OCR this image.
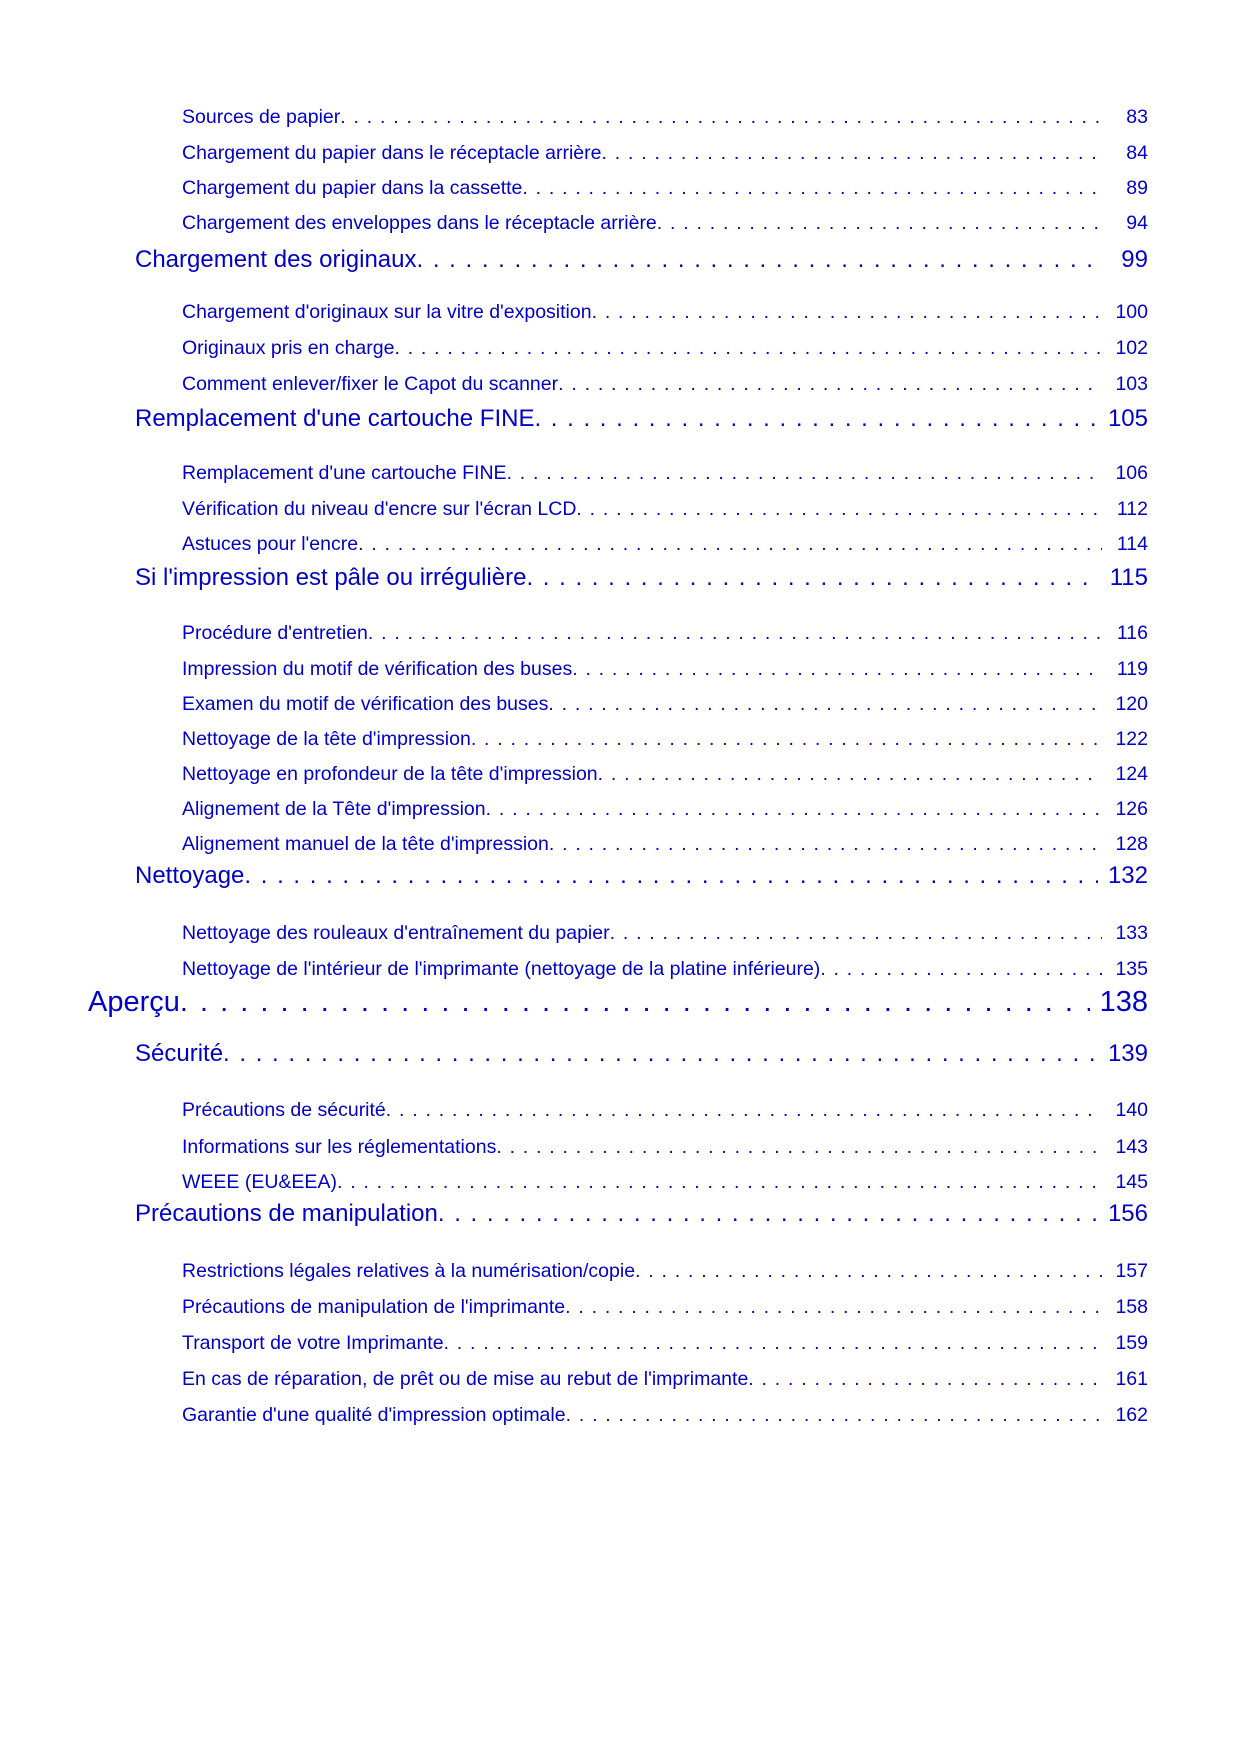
Sources de papier . . .	83
Chargement du papier dans le réceptacle arrière . . .	84
Chargement du papier dans la cassette . . .	89
Chargement des enveloppes dans le réceptacle arrière . . .	94
Chargement des originaux . . .	99
Chargement d'originaux sur la vitre d'exposition . . .	100
Originaux pris en charge . . .	102
Comment enlever/fixer le Capot du scanner . . .	103
Remplacement d'une cartouche FINE . . .	105
Remplacement d'une cartouche FINE . . .	106
Vérification du niveau d'encre sur l'écran LCD . . .	112
Astuces pour l'encre . . .	114
Si l'impression est pâle ou irrégulière . . .	115
Procédure d'entretien . . .	116
Impression du motif de vérification des buses . . .	119
Examen du motif de vérification des buses . . .	120
Nettoyage de la tête d'impression . . .	122
Nettoyage en profondeur de la tête d'impression . . .	124
Alignement de la Tête d'impression . . .	126
Alignement manuel de la tête d'impression . . .	128
Nettoyage . . .	132
Nettoyage des rouleaux d'entraînement du papier . . .	133
Nettoyage de l'intérieur de l'imprimante (nettoyage de la platine inférieure) . . .	135
Aperçu . . .	138
Sécurité . . .	139
Précautions de sécurité . . .	140
Informations sur les réglementations . . .	143
WEEE (EU&EEA) . . .	145
Précautions de manipulation . . .	156
Restrictions légales relatives à la numérisation/copie . . .	157
Précautions de manipulation de l'imprimante . . .	158
Transport de votre Imprimante . . .	159
En cas de réparation, de prêt ou de mise au rebut de l'imprimante . . .	161
Garantie d'une qualité d'impression optimale . . .	162
